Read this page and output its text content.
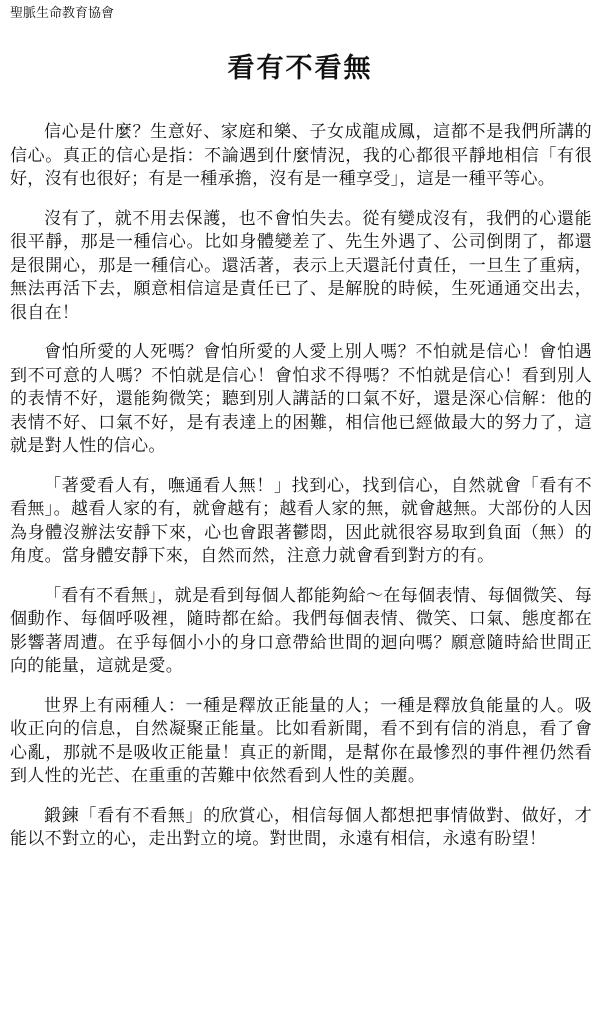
聖脈生命教育協會
看有不看無

信心是什麼？生意好、家庭和樂、子女成龍成鳳，這都不是我們所講的信心。真正的信心是指：不論遇到什麼情況，我的心都很平靜地相信「有很好，沒有也很好；有是一種承擔，沒有是一種享受」，這是一種平等心。

沒有了，就不用去保護，也不會怕失去。從有變成沒有，我們的心還能很平靜，那是一種信心。比如身體變差了、先生外遇了、公司倒閉了，都還是很開心，那是一種信心。還活著，表示上天還託付責任，一旦生了重病，無法再活下去，願意相信這是責任已了、是解脫的時候，生死通通交出去，很自在！

會怕所愛的人死嗎？會怕所愛的人愛上別人嗎？不怕就是信心！會怕遇到不可意的人嗎？不怕就是信心！會怕求不得嗎？不怕就是信心！看到別人的表情不好，還能夠微笑；聽到別人講話的口氣不好，還是深心信解：他的表情不好、口氣不好，是有表達上的困難，相信他已經做最大的努力了，這就是對人性的信心。

「著愛看人有，嘸通看人無！」找到心，找到信心，自然就會「看有不看無」。越看人家的有，就會越有；越看人家的無，就會越無。大部份的人因為身體沒辦法安靜下來，心也會跟著鬱悶，因此就很容易取到負面（無）的角度。當身體安靜下來，自然而然，注意力就會看到對方的有。

「看有不看無」，就是看到每個人都能夠給～在每個表情、每個微笑、每個動作、每個呼吸裡，隨時都在給。我們每個表情、微笑、口氣、態度都在影響著周遭。在乎每個小小的身口意帶給世間的迴向嗎？願意隨時給世間正向的能量，這就是愛。

世界上有兩種人：一種是釋放正能量的人；一種是釋放負能量的人。吸收正向的信息，自然凝聚正能量。比如看新聞，看不到有信的消息，看了會心亂，那就不是吸收正能量！真正的新聞，是幫你在最慘烈的事件裡仍然看到人性的光芒、在重重的苦難中依然看到人性的美麗。

鍛鍊「看有不看無」的欣賞心，相信每個人都想把事情做對、做好，才能以不對立的心，走出對立的境。對世間，永遠有相信，永遠有盼望！
